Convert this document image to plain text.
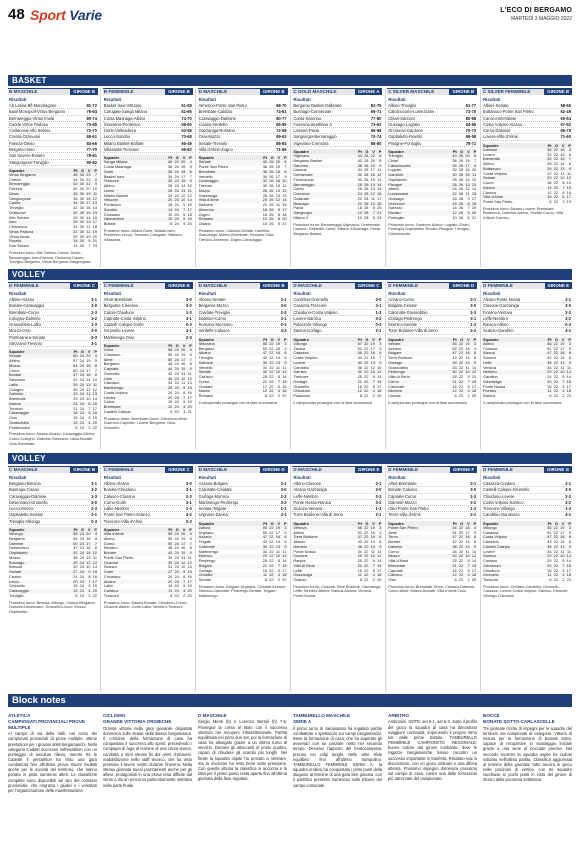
48 Sport Varie	L'ECO DI BERGAMO
MARTEDÌ 3 MAGGIO 2022
BASKET
B MASCHILE	GIRONE B
Risultati
Ab Latina-Bfl Mondragone	81-72
Basil Monopoli-Virtus Bergamo	76-64
Bernareggio-Virtus Imola	80-74
Caorle-Virtus Padova	73-68
Civitanova-Alto Sebino	72-70
Crema-Orzinuovi	69-61
Faenza-Desio	84-66
Bergamo-Iseo	77-70
San Severo-Roseto	78-81
Sangiorgese-Treviglio	90-82
Squadre	Pt G V P
Virtus Bergamo	46 30 23	7
Crema	44 30 22	8
Bernareggio	42 30 21	9
Faenza	40 30 20 10
Desio	38 30 19 11
Sangiorgese	36 30 18 12
Caorle	34 30 17 13
Treviglio	32 30 16 14
Orzinuovi	30 30 15 15
Alto Sebino	28 30 14 16
Iseo	26 30 13 17
Civitanova	24 30 12 18
Virtus Padova	22 30 11 19
Virtus Imola	20 30 10 20
Roseto	18 30	9 21
San Severo	14 30	7 23
Prossimo turno: Alto Sebino-Crema; Desio-Bernareggio; Iseo-Faenza; Orzinuovi-Caorle; Treviglio-Bergamo; Virtus Bergamo-Sangiorgese.
B FEMMINILE	GIRONE B
Risultati
Basket Iseo-Vittuone	61-58
Carugate-Sanga Milano	52-66
Costa Masnaga-Albino	74-70
Giussano-Pontevico	58-60
Gorle-Valmadrera	63-55
Lecco-Sondrio	70-68
Milano Basket-Bollate	66-49
Villasanta-Trescore	55-62
Squadre	Pt G V P
Sanga Milano	40 24 20	4
Costa Masnaga	38 24 19	5
Gorle	36 24 18	6
Basket Iseo	34 24 17	7
Trescore	30 24 15	9
Albino	28 24 14 10
Lecco	26 24 13 11
Milano Basket	24 24 12 12
Vittuone	20 24 10 14
Pontevico	18 24	9 15
Sondrio	14 24	7 17
Giussano	12 24	6 18
Valmadrera	10 24	5 19
Bollate	8 24	4 20
Prossimo turno: Albino-Gorle; Bollate-Iseo; Pontevico-Lecco; Trescore-Carugate; Vittuone-Villasanta.
D MASCHILE	GIRONE B
Risultati
Almenno-Ponte San Pietro	68-70
Brembate-Calolzio	74-61
Caravaggio-Dalmine	80-77
Cisano-Verdello	65-69
Gazzaniga-Romano	72-58
Osio-Mozzo	59-63
Seriate-Treviolo	88-84
Villa d'Almè-Zogno	71-66
Squadre	Pt G V P
Seriate	40 26 20	6
Ponte San Pietro	38 26 19	7
Brembate	36 26 18	8
Verdello	34 26 17	9
Caravaggio	32 26 16 10
Treviolo	30 26 15 11
Mozzo	28 26 14 12
Gazzaniga	26 26 13 13
Villa d'Almè	24 26 12 14
Dalmine	22 26 11 15
Almenno	18 26	9 17
Zogno	16 26	8 18
Romano	12 26	6 20
Cisano	10 26	5 21
Prossimo turno: Calolzio-Seriate; Dalmine-Gazzaniga; Mozzo-Brembate; Romano-Osio; Treviolo-Almenno; Zogno-Caravaggio.
C GOLD MASCHILE	GIRONE A
Risultati
Bergamo Basket-Gallarate	82-75
Busnago-Cermenate	69-71
Cantù-Saronno	77-80
Fiorenzuola-Milano 3	73-62
Lissone-Pavia	66-58
Sangiorgio-Bernareggio	70-74
Vigevano-Cremona	88-80
Squadre	Pt G V P
Vigevano	44 28 22	6
Bergamo Basket	40 28 20	8
Saronno	38 28 19	9
Lissone	34 28 17 11
Cermenate	32 28 16 12
Fiorenzuola	30 28 15 13
Bernareggio	28 28 14 14
Cantù	26 28 13 15
Cremona	24 28 12 16
Gallarate	22 28 11 17
Busnago	20 28 10 18
Pavia	16 28	8 20
Sangiorgio	14 28	7 21
Milano 3	10 28	5 23
Prossimo turno: Bernareggio-Vigevano; Cermenate-Lissone; Gallarate-Cantù; Milano 3-Busnago; Pavia-Bergamo Basket.
C SILVER MASCHILE	GIRONE B
Risultati
Albino-Treviglio	61-77
Calolziocorte-Lumezzane	73-70
Chiari-Sarezzo	80-68
Gussago-Lograto	64-66
Orzinuovi-Gardone	70-72
Ospitaletto-Rovato	69-58
Pisogne-Pontoglio	78-71
Squadre	Pt G V P
Treviglio	40 26 20	6
Chiari	38 26 19	7
Calolziocorte	34 26 17	9
Lograto	32 26 16 10
Gardone	30 26 15 11
Ospitaletto	28 26 14 12
Pisogne	26 26 13 13
Albino	24 26 12 14
Lumezzane	22 26 11 15
Gussago	18 26	9 17
Orzinuovi	16 26	8 18
Sarezzo	14 26	7 19
Rovato	12 26	6 20
Pontoglio	10 26	5 21
Prossimo turno: Gardone-Albino; Lograto-Chiari; Pontoglio-Ospitaletto; Rovato-Pisogne; Treviglio-Calolziocorte.
C SILVER FEMMINILE	GIRONE B
Risultati
Albino-Seriate	58-55
Bottanuco-Ponte San Pietro	62-49
Carvico-Brembate	60-64
Costa Volpino-Alzano	57-52
Curno-Dalmine	66-70
Lovere-Villa d'Almè	71-60
Squadre	Pt G V P
Dalmine	36 22 18	4
Lovere	32 22 16	6
Brembate	30 22 15	7
Albino	28 22 14	8
Bottanuco	26 22 13	9
Costa Volpino	22 22 11 11
Seriate	20 22 10 12
Curno	16 22	8 14
Alzano	14 22	7 15
Carvico	12 22	6 16
Villa d'Almè	10 22	5 17
Ponte San Pietro	6 22	3 19
Prossimo turno: Alzano-Lovere; Brembate-Bottanuco; Dalmine-Albino; Seriate-Curno; Villa d'Almè-Carvico.
VOLLEY
D FEMMINILE	GIRONE C
Risultati
Albino-Alzano	3-1
Bonate-Caravaggio	3-0
Brembate-Curno	2-3
Cologno-Dalmine	3-2
Grassobbio-Lallio	1-3
Mozzo-Osio	3-0
Ponteranica-Seriate	0-3
Stezzano-Treviolo	3-1
Squadre	Pt G V P
Seriate	60 24 20	4
Albino	57 24 19	5
Mozzo	54 24 18	6
Curno	50 24 17	7
Bonate	47 24 16	8
Stezzano	42 24 14 10
Lallio	39 24 13 11
Cologno	36 24 12 12
Dalmine	33 24 11 13
Brembate	29 24 10 14
Alzano	24 24	8 16
Treviolo	21 24	7 17
Caravaggio	18 24	6 18
Osio	15 24	5 19
Grassobbio	12 24	4 20
Ponteranica	6 24	2 22
Prossimo turno: Alzano-Mozzo; Caravaggio-Albino; Curno-Cologno; Dalmine-Stezzano; Lallio-Bonate; Osio-Brembate.
C FEMMINILE	GIRONE B
Risultati
Almè-Brembate	3-0
Bergamo-Ciserano	3-2
Calcio-Chiuduno	1-3
Capriate-Costa Volpino	3-1
Castelli Calepio-Gorle	0-3
Grumello-Lovere	3-1
Martinengo-Osio	2-3
Squadre	Pt G V P
Gorle	58 24 20	4
Chiuduno	55 24 19	5
Almè	50 24 17	7
Bergamo	48 24 16	8
Capriate	44 24 15	9
Grumello	40 24 13 11
Osio	36 24 12 12
Ciserano	33 24 11 13
Martinengo	28 24	9 15
Costa Volpino	24 24	8 16
Lovere	20 24	7 17
Calcio	15 24	5 19
Brembate	12 24	4 20
Castelli Calepio	9 24	3 21
Prossimo turno: Brembate-Gorle; Chiuduno-Almè; Ciserano-Capriate; Lovere-Bergamo; Osio-Grumello.
D MASCHILE	GIRONE B
Risultati
Albano-Seriate	3-1
Bergamo-Mozzo	3-0
Cividate-Treviglio	2-3
Dalmine-Curno	3-1
Romano-Stezzano	0-3
Verdello-Calusco	3-2
Squadre	Pt G V P
Stezzano	56 22 19	3
Bergamo	52 22 18	4
Albano	47 22 16	6
Treviglio	42 22 14	8
Dalmine	39 22 13	9
Verdello	34 22 11 11
Seriate	30 22 10 12
Calusco	25 22	8 14
Curno	21 22	7 15
Cividate	17 22	6 16
Mozzo	12 22	4 18
Romano	6 22	2 20
Il campionato prosegue con la fase successiva
D MASCHILE	GIRONE C
Risultati
Carobbio-Grumello	3-0
Casazza-Trescore	3-1
Chiuduno-Costa Volpino	1-3
Lovere-Sarnico	3-2
Palazzolo-Villongo	0-3
Zanica-Gorlago	3-1
Squadre	Pt G V P
Villongo	57 22 19	3
Zanica	51 22 17	5
Casazza	48 22 16	6
Costa Volpino	44 22 15	7
Lovere	40 22 13	9
Carobbio	36 22 12 10
Sarnico	30 22 10 12
Trescore	25 22	8 14
Gorlago	21 22	7 15
Grumello	16 22	5 17
Chiuduno	12 22	4 18
Palazzolo	8 22	2 20
Il campionato prosegue con la fase successiva
D FEMMINILE	GIRONE D
Risultati
Azzano-Curno	3-1
Bolgare-Cenate	3-0
Calcinate-Grassobbio	2-3
Gorlago-Pedrengo	3-1
Mornico-Seriate	1-3
Torre Boldone-Villa di Serio	3-2
Squadre	Pt G V P
Seriate	55 22 19	3
Azzano	52 22 18	4
Bolgare	47 22 16	6
Torre Boldone	43 22 14	8
Gorlago	39 22 13	9
Grassobbio	33 22 11 11
Pedrengo	30 22 10 12
Villa di Serio	26 22	9 13
Curno	21 22	7 15
Calcinate	16 22	5 17
Mornico	12 22	4 18
Cenate	6 22	2 20
Il campionato prosegue con la fase successiva
D FEMMINILE	GIRONE E
Risultati
Alzano-Ponte Nossa	3-1
Clusone-Gazzaniga	3-0
Fiorano-Vertova	2-3
Leffe-Nembro	3-2
Ranica-Albino	0-3
Scanzo-Gandino	3-1
Squadre	Pt G V P
Albino	56 22 19	3
Clusone	51 22 17	5
Alzano	47 22 16	6
Scanzo	42 22 14	8
Leffe	38 22 13	9
Vertova	34 22 11 11
Nembro	29 22 10 12
Gandino	24 22	8 14
Gazzaniga	20 22	7 15
Ponte Nossa	16 22	5 17
Fiorano	11 22	4 18
Ranica	6 22	2 20
Il campionato prosegue con la fase successiva
VOLLEY
C MASCHILE	GIRONE B
Risultati
Bergamo-Brescia	3-1
Busnago-Cisano	3-2
Caravaggio-Dalmine	1-3
Desenzano-Grumello	3-0
Lecco-Mozzo	2-3
Ospitaletto-Seriate	3-1
Treviglio-Villongo	0-3
Squadre	Pt G V P
Villongo	58 24 20	4
Bergamo	54 24 18	6
Dalmine	50 24 17	7
Desenzano	47 24 16	8
Ospitaletto	42 24 14 10
Mozzo	38 24 13 11
Busnago	35 24 12 12
Brescia	30 24 10 14
Seriate	27 24	9 15
Cisano	24 24	8 16
Lecco	20 24	7 17
Grumello	15 24	5 19
Caravaggio	12 24	4 20
Treviglio	6 24	2 22
Prossimo turno: Brescia-Villongo; Cisano-Bergamo; Dalmine-Desenzano; Grumello-Lecco; Mozzo-Ospitaletto.
C FEMMINILE	GIRONE C
Risultati
Albino-Alzano	3-0
Bonate-Chiuduno	3-1
Calusco-Clusone	2-3
Curno-Gorle	3-1
Lallio-Nembro	1-3
Ponte San Pietro-Scanzo	3-2
Trescore-Villa d'Almè	0-3
Squadre	Pt G V P
Villa d'Almè	59 24 20	4
Albino	55 24 19	5
Curno	50 24 17	7
Nembro	46 24 16	8
Bonate	43 24 15	9
Ponte San Pietro	39 24 13 11
Clusone	35 24 12 12
Scanzo	31 24 10 14
Gorle	27 24	9 15
Chiuduno	24 24	8 16
Alzano	20 24	7 17
Lallio	14 24	5 19
Calusco	11 24	4 20
Trescore	6 24	2 22
Prossimo turno: Alzano-Bonate; Chiuduno-Curno; Clusone-Albino; Gorle-Lallio; Nembro-Trescore.
D MASCHILE	GIRONE D
Risultati
Azzano-Bolgare	3-1
Calcinate-Cividate	3-0
Gorlago-Mornico	2-3
Martinengo-Pedrengo	3-2
Seriate-Telgate	1-3
Urgnano-Zanica	3-1
Squadre	Pt G V P
Zanica	55 22 19	3
Urgnano	50 22 17	5
Azzano	47 22 16	6
Telgate	43 22 14	8
Calcinate	39 22 13	9
Martinengo	34 22 11 11
Mornico	29 22 10 12
Pedrengo	25 22	8 14
Bolgare	21 22	7 15
Gorlago	16 22	5 17
Cividate	11 22	4 18
Seriate	6 22	2 20
Prossimo turno: Bolgare-Urgnano; Cividate-Azzano; Mornico-Calcinate; Pedrengo-Seriate; Telgate-Martinengo.
D MASCHILE	GIRONE E
Risultati
Albino-Clusone	3-1
Alzano-Gazzaniga	3-0
Leffe-Nembro	2-3
Ponte Nossa-Ranica	3-2
Scanzo-Vertova	1-3
Torre Boldone-Villa di Serio	3-1
Squadre	Pt G V P
Vertova	56 22 19	3
Albino	52 22 18	4
Torre Boldone	47 22 16	6
Alzano	43 22 14	8
Nembro	38 22 13	9
Ponte Nossa	34 22 11 11
Clusone	29 22 10 12
Ranica	25 22	8 14
Villa di Serio	20 22	7 15
Leffe	16 22	5 17
Gazzaniga	11 22	4 18
Scanzo	6 22	2 20
Prossimo turno: Clusone-Torre Boldone; Gazzaniga-Leffe; Nembro-Albino; Ranica-Alzano; Vertova-Ponte Nossa.
D FEMMINILE	GIRONE F
Risultati
Almè-Brembate	3-1
Bonate-Calusco	3-0
Capriate-Curno	2-3
Dalmine-Mozzo	3-2
Osio-Ponte San Pietro	1-3
Terno-Villa d'Almè	3-1
Squadre	Pt G V P
Ponte San Pietro	54 22 18	4
Almè	51 22 17	5
Terno	47 22 16	6
Bonate	42 22 14	8
Dalmine	38 22 13	9
Curno	34 22 11 11
Mozzo	30 22 10 12
Villa d'Almè	25 22	8 14
Brembate	21 22	7 15
Capriate	16 22	5 17
Calusco	12 22	4 18
Osio	6 22	2 20
Prossimo turno: Brembate-Terno; Calusco-Dalmine; Curno-Almè; Mozzo-Bonate; Villa d'Almè-Osio.
D FEMMINILE	GIRONE G
Risultati
Casazza-Credaro	3-1
Castelli Calepio-Grumello	3-0
Chiuduno-Lovere	2-3
Costa Volpino-Sarnico	3-2
Trescore-Villongo	1-3
Carobbio-Gandosso	3-1
Squadre	Pt G V P
Villongo	55 22 19	3
Casazza	51 22 17	5
Costa Volpino	47 22 16	6
Carobbio	43 22 14	8
Castelli Calepio	38 22 13	9
Lovere	34 22 11 11
Sarnico	29 22 10 12
Credaro	25 22	8 14
Gandosso	20 22	7 15
Chiuduno	16 22	5 17
Grumello	11 22	4 18
Trescore	6 22	2 20
Prossimo turno: Credaro-Carobbio; Grumello-Casazza; Lovere-Costa Volpino; Sarnico-Trescore; Villongo-Chiuduno.
Block notes
ATLETICA
CAMPIONATI PROVINCIALI PROVE MULTIPLE
Al campo di via delle Valli, nel corso dei campionati provinciali di prove multiple, ottime prestazioni per i giovani atleti bergamaschi. Nella categoria Cadetti successo nell'esathlon con un punteggio di assoluto rilievo, mentre tra le Cadette il pentathlon ha visto una gara combattuta fino all'ultima prova. Buoni risultati anche per le società del territorio, che hanno portato in pista numerosi atleti. Le classifiche complete sono disponibili sul sito del comitato provinciale, che ringrazia i giudici e i volontari per l'organizzazione della manifestazione.
CICLISMO
GRANDE VITTORIA ORGBICHE
Grande vittoria nella gara giovanile disputata domenica sulle strade della Bassa bergamasca. Il corridore della formazione di casa ha conquistato il successo allo sprint, precedendo i compagni di fuga al termine di una corsa vivace, condotta a ritmi elevati fin dai primi chilometri. Soddisfazione nello staff tecnico, che ha visto premiato il lavoro svolto durante l'inverno. Nella stessa giornata buoni piazzamenti anche per gli allievi, protagonisti in una prova resa difficile dal vento e da un percorso particolarmente selettivo nella parte finale.
D MASCHILE
Sergio Menti (b) e Lorenzo Bertoli (h) 7-5. Prosegue la corsa al titolo con il successo ottenuto nel recupero infrasettimanale. Partita equilibrata nei primi due set, poi la formazione di casa ha allungato grazie a un ottimo turno al servizio. Decisivi gli attaccanti di posto quattro, capaci di chiudere gli scambi più lunghi. Nel finale la squadra ospite ha provato a rientrare, ma la ricezione ha retto bene sotto pressione. Con questa vittoria la classifica si accorcia e la lotta per il primo posto resta aperta fino all'ultima giornata della fase regolare.
TAMBURELLO MASCHILE
SERIE A
Il primo turno di campionato ha regalato partite combattute e spettacolo sui campi bergamaschi. Bene la formazione di casa, che ha superato gli avversari con un parziale netto nel secondo tempo. Decisivo l'apporto del fondocampista, preciso nei colpi lunghi. Nelle altre sfide equilibrio fino all'ultimo trampolino. TAMBURELLO FEMMINILE SERIE A: la squadra orobica ha conquistato i primi punti della stagione al termine di una gara ben giocata, con il pubblico presente numeroso sulle tribune del campo comunale.
ARBITRO
Ambrosini. NOTE: set 6-1, set 6-3. Sotto il profilo del gioco la squadra di casa ha dimostrato maggiore continuità, imponendo il proprio ritmo sin dalle prime battute. TAMBURELLO FEMMINILE CAMPIONATO REGIONALE: buone notizie dal girone lombardo, dove le ragazze bergamasche hanno raccolto un successo importante in trasferta. Risultato mai in discussione, con un gioco ordinato e una difesa attenta. Prossimo impegno domenica prossima sul campo di casa, contro una delle formazioni più attrezzate del campionato.
BOCCE
BONATE SOTTO-CARLASCELLE
Tre giornate ricche di impegni per le squadre del territorio nei campionati di categoria. Vittoria di misura per la formazione di Bonate Sotto, capace di recuperare lo svantaggio iniziale grazie a una serie di bocciate precise. Nel secondo incontro la squadra ospite ha ceduto soltanto nell'ultima partita. Classifica aggiornata al termine della giornata: tutto ancora in gioco nelle posizioni di vertice, con tre squadre racchiuse in pochi punti in vista del girone di ritorno della prossima settimana.
